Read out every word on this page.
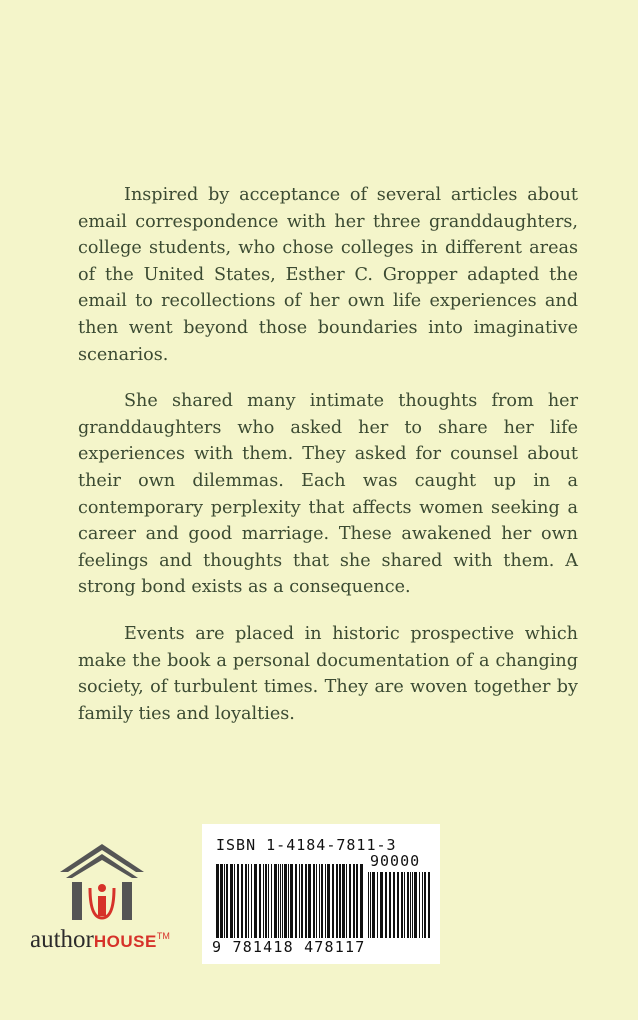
Inspired by acceptance of several articles about email correspondence with her three granddaughters, college students, who chose colleges in different areas of the United States, Esther C. Gropper adapted the email to recollections of her own life experiences and then went beyond those boundaries into imaginative scenarios.

She shared many intimate thoughts from her granddaughters who asked her to share her life experiences with them. They asked for counsel about their own dilemmas. Each was caught up in a contemporary perplexity that affects women seeking a career and good marriage. These awakened her own feelings and thoughts that she shared with them. A strong bond exists as a consequence.

Events are placed in historic prospective which make the book a personal documentation of a changing society, of turbulent times. They are woven together by family ties and loyalties.

authorHOUSE™
ISBN 1-4184-7811-3
90000
9 781418 478117
